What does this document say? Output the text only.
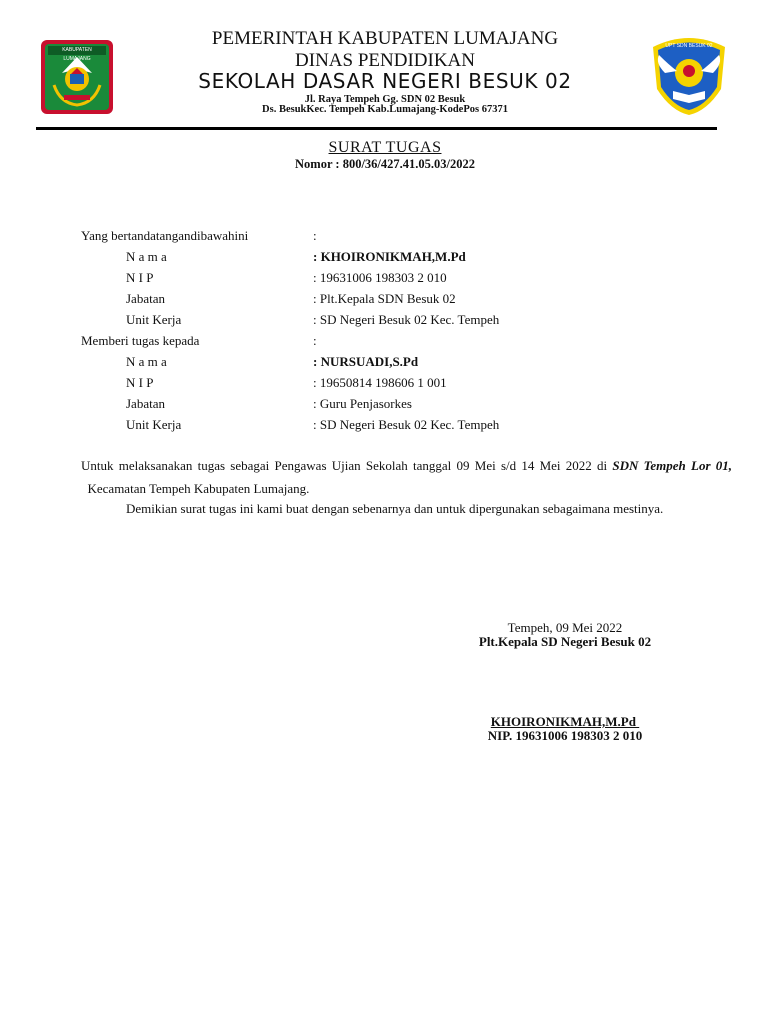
KABUPATEN LUMAJANG
UPT SDN BESUK 02
PEMERINTAH KABUPATEN LUMAJANG
DINAS PENDIDIKAN
SEKOLAH DASAR NEGERI BESUK 02
Jl. Raya Tempeh Gg. SDN 02 Besuk
Ds. BesukKec. Tempeh Kab.Lumajang-KodePos 67371
SURAT TUGAS
Nomor : 800/36/427.41.05.03/2022
Yang bertandatangandibawahini	:
N a m a	: KHOIRONIKMAH,M.Pd
N I P	: 19631006 198303 2 010
Jabatan	: Plt.Kepala SDN Besuk 02
Unit Kerja	: SD Negeri Besuk 02 Kec. Tempeh
Memberi tugas kepada	:
N a m a	: NURSUADI,S.Pd
N I P	: 19650814 198606 1 001
Jabatan	: Guru Penjasorkes
Unit Kerja	: SD Negeri Besuk 02 Kec. Tempeh
Untuk melaksanakan tugas sebagai Pengawas Ujian Sekolah tanggal 09 Mei s/d 14 Mei 2022 di SDN Tempeh Lor 01,  Kecamatan Tempeh Kabupaten Lumajang.
Demikian surat tugas ini kami buat dengan sebenarnya dan untuk dipergunakan sebagaimana mestinya.
Tempeh, 09 Mei 2022
Plt.Kepala SD Negeri Besuk 02
KHOIRONIKMAH,M.Pd
NIP. 19631006 198303 2 010
